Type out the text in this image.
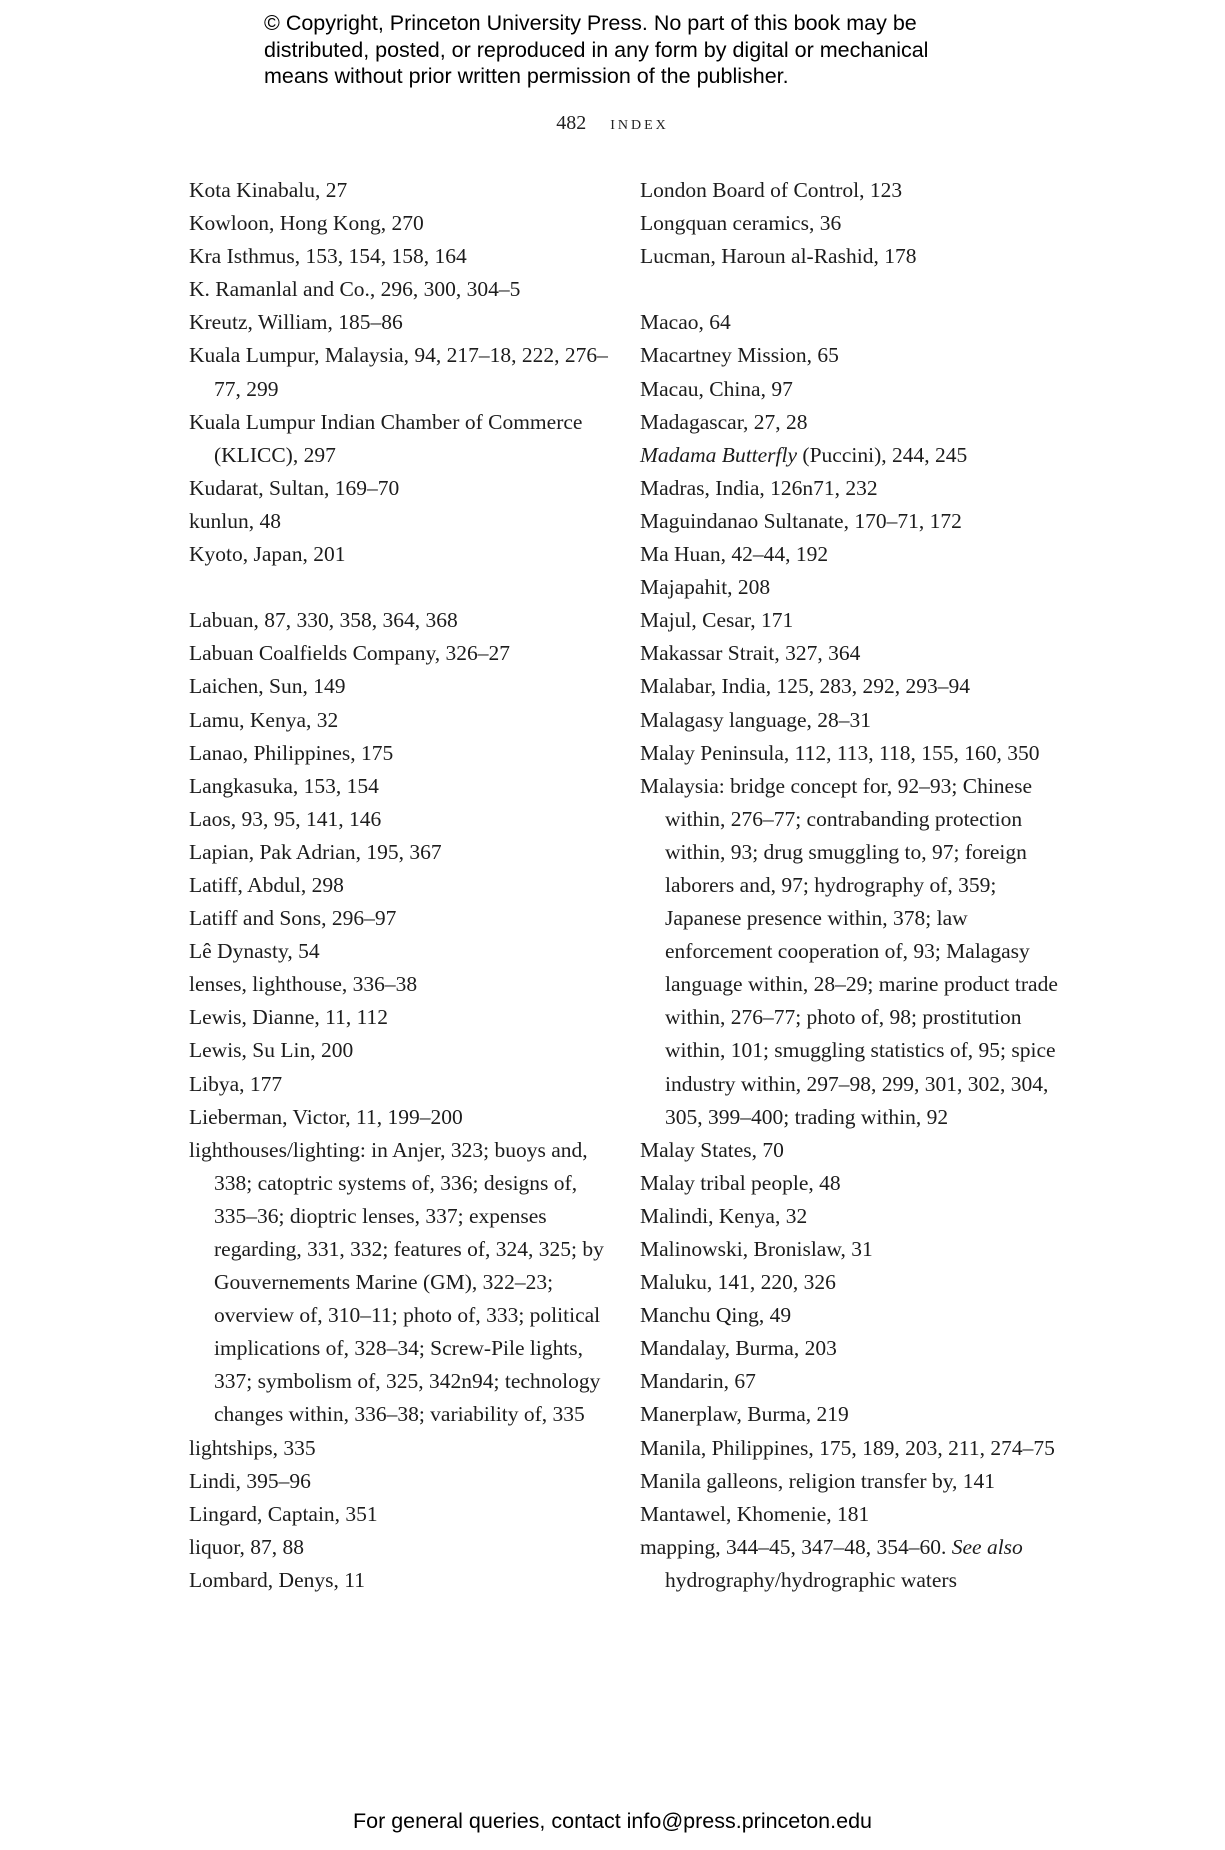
© Copyright, Princeton University Press. No part of this book may be
distributed, posted, or reproduced in any form by digital or mechanical
means without prior written permission of the publisher.
482 index
Kota Kinabalu, 27
Kowloon, Hong Kong, 270
Kra Isthmus, 153, 154, 158, 164
K. Ramanlal and Co., 296, 300, 304–5
Kreutz, William, 185–86
Kuala Lumpur, Malaysia, 94, 217–18, 222, 276–77, 299
Kuala Lumpur Indian Chamber of Commerce (KLICC), 297
Kudarat, Sultan, 169–70
kunlun, 48
Kyoto, Japan, 201
Labuan, 87, 330, 358, 364, 368
Labuan Coalfields Company, 326–27
Laichen, Sun, 149
Lamu, Kenya, 32
Lanao, Philippines, 175
Langkasuka, 153, 154
Laos, 93, 95, 141, 146
Lapian, Pak Adrian, 195, 367
Latiff, Abdul, 298
Latiff and Sons, 296–97
Lê Dynasty, 54
lenses, lighthouse, 336–38
Lewis, Dianne, 11, 112
Lewis, Su Lin, 200
Libya, 177
Lieberman, Victor, 11, 199–200
lighthouses/lighting: in Anjer, 323; buoys and, 338; catoptric systems of, 336; designs of, 335–36; dioptric lenses, 337; expenses regarding, 331, 332; features of, 324, 325; by Gouvernements Marine (GM), 322–23; overview of, 310–11; photo of, 333; political implications of, 328–34; Screw-Pile lights, 337; symbolism of, 325, 342n94; technology changes within, 336–38; variability of, 335
lightships, 335
Lindi, 395–96
Lingard, Captain, 351
liquor, 87, 88
Lombard, Denys, 11
London Board of Control, 123
Longquan ceramics, 36
Lucman, Haroun al-Rashid, 178
Macao, 64
Macartney Mission, 65
Macau, China, 97
Madagascar, 27, 28
Madama Butterfly (Puccini), 244, 245
Madras, India, 126n71, 232
Maguindanao Sultanate, 170–71, 172
Ma Huan, 42–44, 192
Majapahit, 208
Majul, Cesar, 171
Makassar Strait, 327, 364
Malabar, India, 125, 283, 292, 293–94
Malagasy language, 28–31
Malay Peninsula, 112, 113, 118, 155, 160, 350
Malaysia: bridge concept for, 92–93; Chinese within, 276–77; contrabanding protection within, 93; drug smuggling to, 97; foreign laborers and, 97; hydrography of, 359; Japanese presence within, 378; law enforcement cooperation of, 93; Malagasy language within, 28–29; marine product trade within, 276–77; photo of, 98; prostitution within, 101; smuggling statistics of, 95; spice industry within, 297–98, 299, 301, 302, 304, 305, 399–400; trading within, 92
Malay States, 70
Malay tribal people, 48
Malindi, Kenya, 32
Malinowski, Bronislaw, 31
Maluku, 141, 220, 326
Manchu Qing, 49
Mandalay, Burma, 203
Mandarin, 67
Manerplaw, Burma, 219
Manila, Philippines, 175, 189, 203, 211, 274–75
Manila galleons, religion transfer by, 141
Mantawel, Khomenie, 181
mapping, 344–45, 347–48, 354–60. See also hydrography/hydrographic waters
For general queries, contact info@press.princeton.edu
